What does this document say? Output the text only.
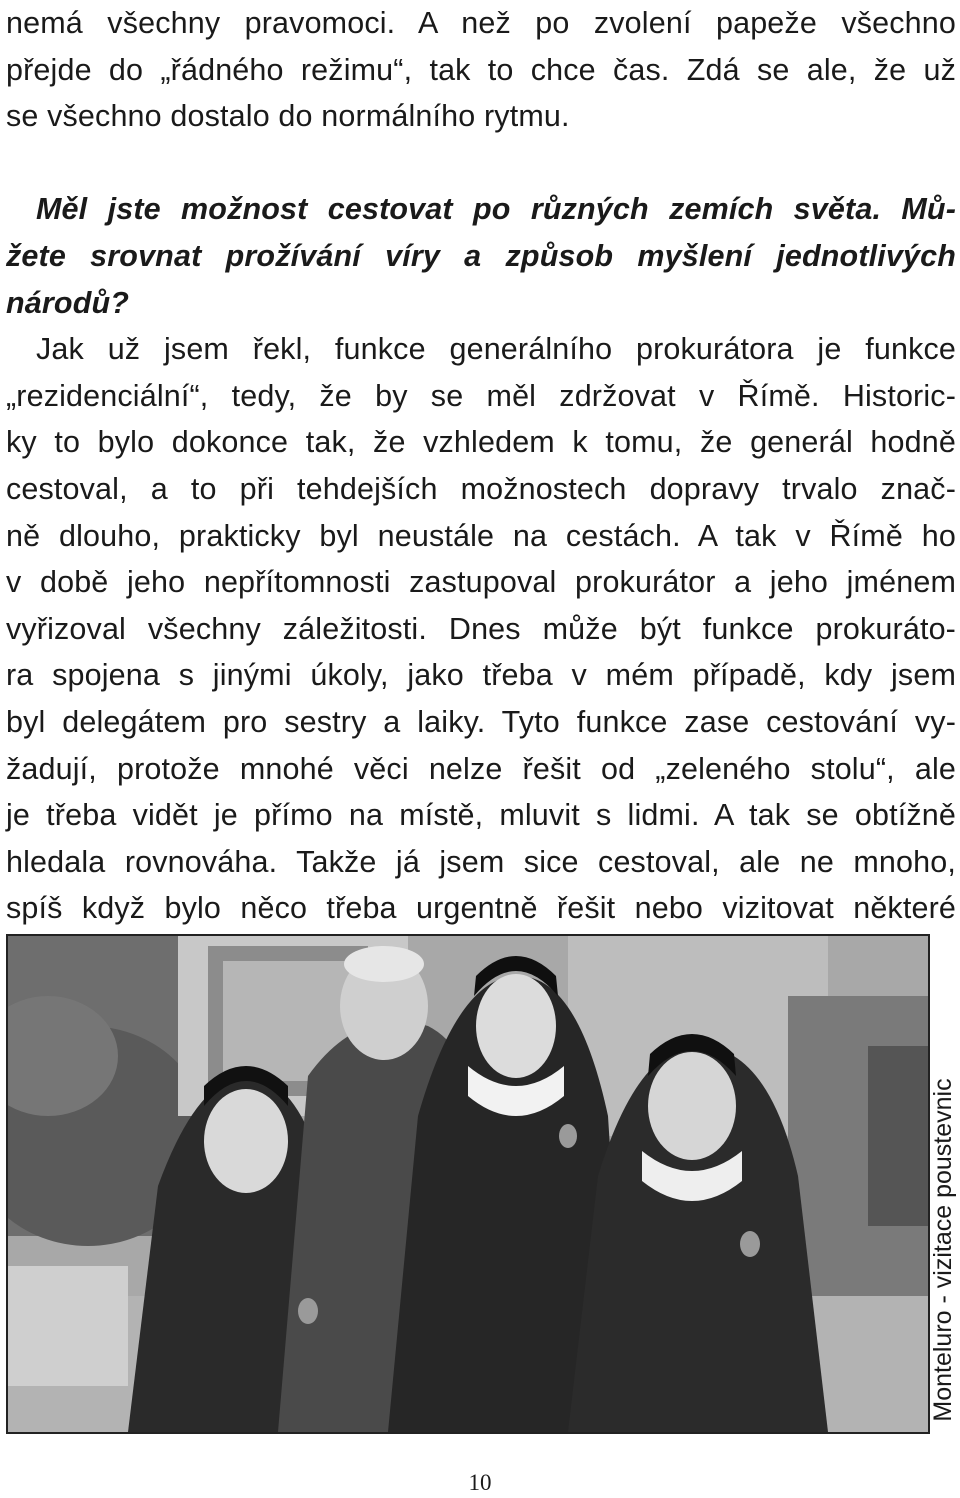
nemá všechny pravomoci. A než po zvolení papeže všechno
přejde do „řádného režimu“, tak to chce čas. Zdá se ale, že už
se všechno dostalo do normálního rytmu.
Měl jste možnost cestovat po různých zemích světa. Mů-
žete srovnat prožívání víry a způsob myšlení jednotlivých
národů?
Jak už jsem řekl, funkce generálního prokurátora je funkce
„rezidenciální“, tedy, že by se měl zdržovat v Římě. Historic-
ky to bylo dokonce tak, že vzhledem k tomu, že generál hodně
cestoval, a to při tehdejších možnostech dopravy trvalo znač-
ně dlouho, prakticky byl neustále na cestách. A tak v Římě ho
v době jeho nepřítomnosti zastupoval prokurátor a jeho jménem
vyřizoval všechny záležitosti. Dnes může být funkce prokuráto-
ra spojena s jinými úkoly, jako třeba v mém případě, kdy jsem
byl delegátem pro sestry a laiky. Tyto funkce zase cestování vy-
žadují, protože mnohé věci nelze řešit od „zeleného stolu“, ale
je třeba vidět je přímo na místě, mluvit s lidmi. A tak se obtížně
hledala rovnováha. Takže já jsem sice cestoval, ale ne mnoho,
spíš když bylo něco třeba urgentně řešit nebo vizitovat některé
Monteluro - vizitace poustevnic
10
